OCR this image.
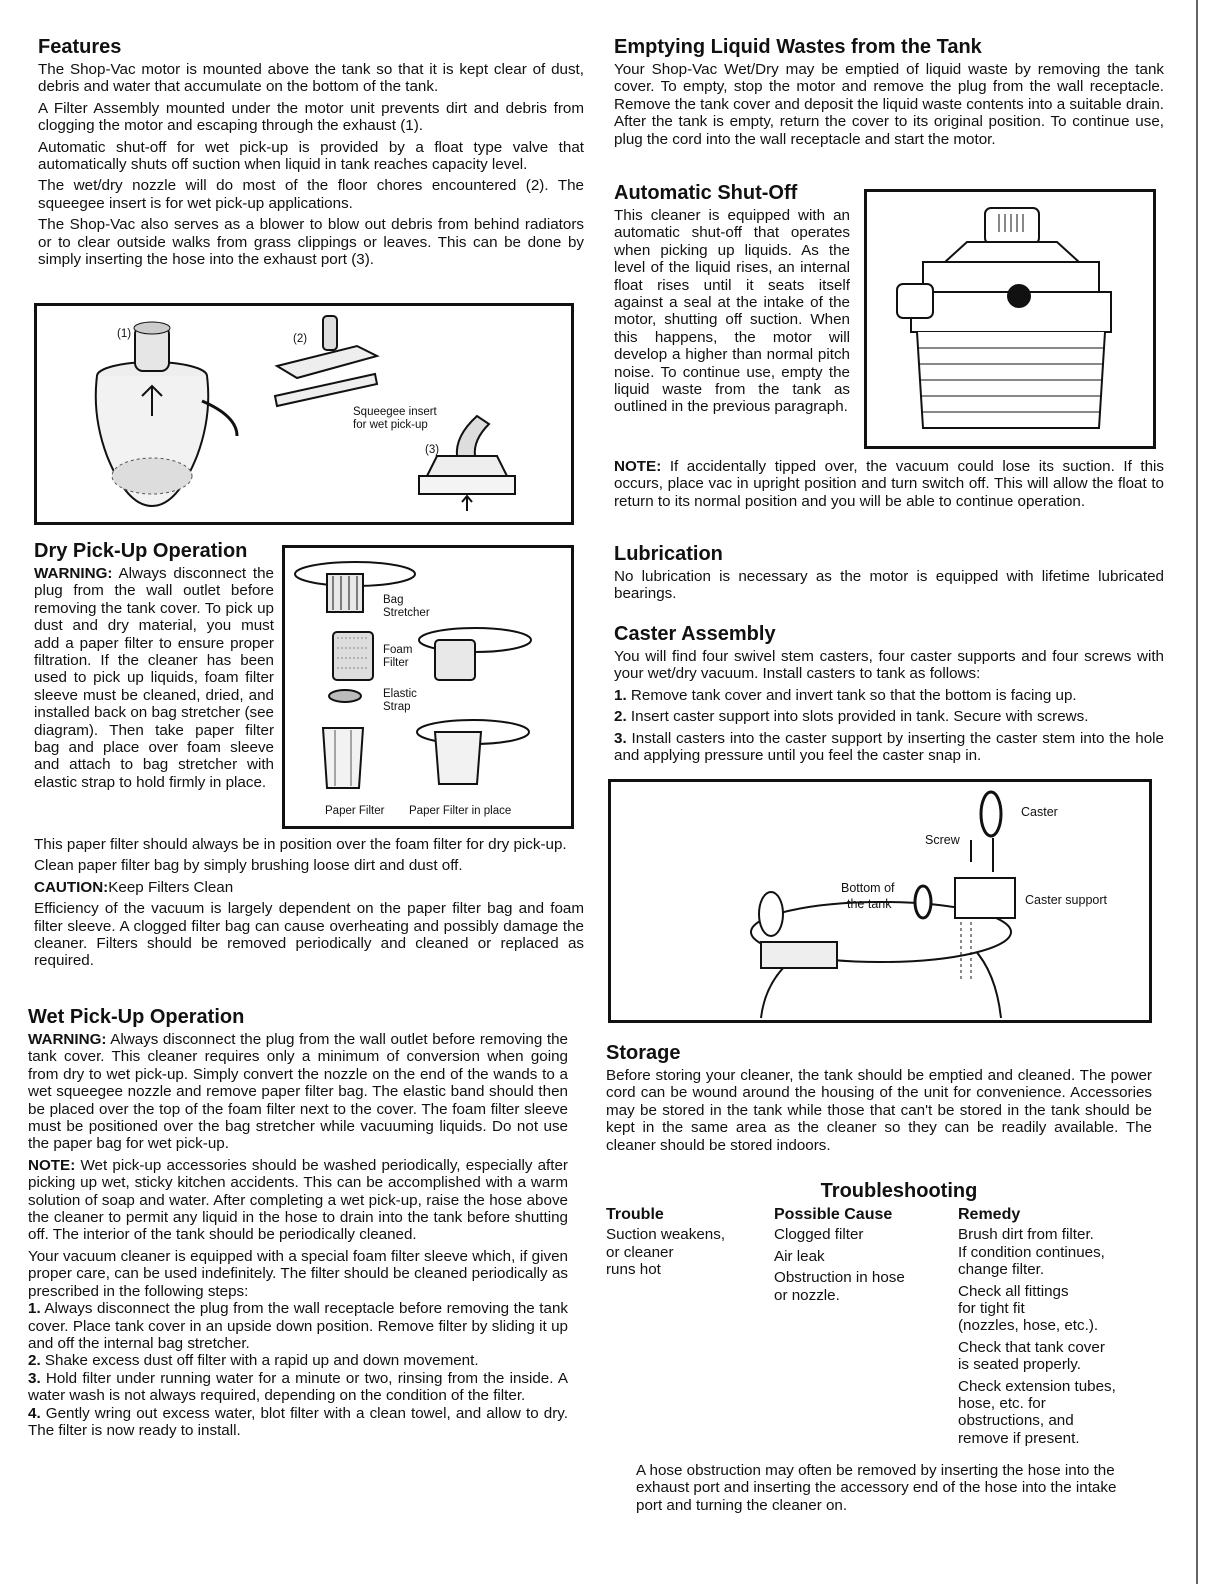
Features

The Shop-Vac motor is mounted above the tank so that it is kept clear of dust, debris and water that accumulate on the bottom of the tank.

A Filter Assembly mounted under the motor unit prevents dirt and debris from clogging the motor and escaping through the exhaust (1).

Automatic shut-off for wet pick-up is provided by a float type valve that automatically shuts off suction when liquid in tank reaches capacity level.

The wet/dry nozzle will do most of the floor chores encountered (2). The squeegee insert is for wet pick-up applications.

The Shop-Vac also serves as a blower to blow out debris from behind radiators or to clear outside walks from grass clippings or leaves. This can be done by simply inserting the hose into the exhaust port (3).

(1)	(2)
(3)
Squeegee insert
for wet pick-up
Dry Pick-Up Operation

WARNING: Always disconnect the plug from the wall outlet before removing the tank cover. To pick up dust and dry material, you must add a paper filter to ensure proper filtration. If the cleaner has been used to pick up liquids, foam filter sleeve must be cleaned, dried, and installed back on bag stretcher (see diagram). Then take paper filter bag and place over foam sleeve and attach to bag stretcher with elastic strap to hold firmly in place.

Bag
Stretcher
Foam
Filter
Elastic
Strap
Paper Filter Paper Filter in place

This paper filter should always be in position over the foam filter for dry pick-up.

Clean paper filter bag by simply brushing loose dirt and dust off.

CAUTION:Keep Filters Clean

Efficiency of the vacuum is largely dependent on the paper filter bag and foam filter sleeve. A clogged filter bag can cause overheating and possibly damage the cleaner. Filters should be removed periodically and cleaned or replaced as required.

Wet Pick-Up Operation

WARNING: Always disconnect the plug from the wall outlet before removing the tank cover. This cleaner requires only a minimum of conversion when going from dry to wet pick-up. Simply convert the nozzle on the end of the wands to a wet squeegee nozzle and remove paper filter bag. The elastic band should then be placed over the top of the foam filter next to the cover. The foam filter sleeve must be positioned over the bag stretcher while vacuuming liquids. Do not use the paper bag for wet pick-up.

NOTE: Wet pick-up accessories should be washed periodically, especially after picking up wet, sticky kitchen accidents. This can be accomplished with a warm solution of soap and water. After completing a wet pick-up, raise the hose above the cleaner to permit any liquid in the hose to drain into the tank before shutting off. The interior of the tank should be periodically cleaned.

Your vacuum cleaner is equipped with a special foam filter sleeve which, if given proper care, can be used indefinitely. The filter should be cleaned periodically as prescribed in the following steps:

1. Always disconnect the plug from the wall receptacle before removing the tank cover. Place tank cover in an upside down position. Remove filter by sliding it up and off the internal bag stretcher.

2. Shake excess dust off filter with a rapid up and down movement.

3. Hold filter under running water for a minute or two, rinsing from the inside. A water wash is not always required, depending on the condition of the filter.

4. Gently wring out excess water, blot filter with a clean towel, and allow to dry. The filter is now ready to install.

Emptying Liquid Wastes from the Tank

Your Shop-Vac Wet/Dry may be emptied of liquid waste by removing the tank cover. To empty, stop the motor and remove the plug from the wall receptacle. Remove the tank cover and deposit the liquid waste contents into a suitable drain. After the tank is empty, return the cover to its original position. To continue use, plug the cord into the wall receptacle and start the motor.

Automatic Shut-Off

This cleaner is equipped with an automatic shut-off that operates when picking up liquids. As the level of the liquid rises, an internal float rises until it seats itself against a seal at the intake of the motor, shutting off suction. When this happens, the motor will develop a higher than normal pitch noise. To continue use, empty the liquid waste from the tank as outlined in the previous paragraph.

NOTE: If accidentally tipped over, the vacuum could lose its suction. If this occurs, place vac in upright position and turn switch off. This will allow the float to return to its normal position and you will be able to continue operation.

Lubrication

No lubrication is necessary as the motor is equipped with lifetime lubricated bearings.

Caster Assembly

You will find four swivel stem casters, four caster supports and four screws with your wet/dry vacuum. Install casters to tank as follows:

1. Remove tank cover and invert tank so that the bottom is facing up.

2. Insert caster support into slots provided in tank. Secure with screws.

3. Install casters into the caster support by inserting the caster stem into the hole and applying pressure until you feel the caster snap in.

Caster
Screw
Bottom of
the tank	Caster support
Storage

Before storing your cleaner, the tank should be emptied and cleaned. The power cord can be wound around the housing of the unit for convenience. Accessories may be stored in the tank while those that can't be stored in the tank should be kept in the same area as the cleaner so they can be readily available. The cleaner should be stored indoors.

Troubleshooting
Trouble
Suction weakens,
or cleaner
runs hot
Possible Cause
Clogged filter
Air leak
Obstruction in hose
or nozzle.
Remedy
Brush dirt from filter.
If condition continues,
change filter.
Check all fittings
for tight fit
(nozzles, hose, etc.).
Check that tank cover
is seated properly.
Check extension tubes,
hose, etc. for
obstructions, and
remove if present.

A hose obstruction may often be removed by inserting the hose into the exhaust port and inserting the accessory end of the hose into the intake port and turning the cleaner on.
